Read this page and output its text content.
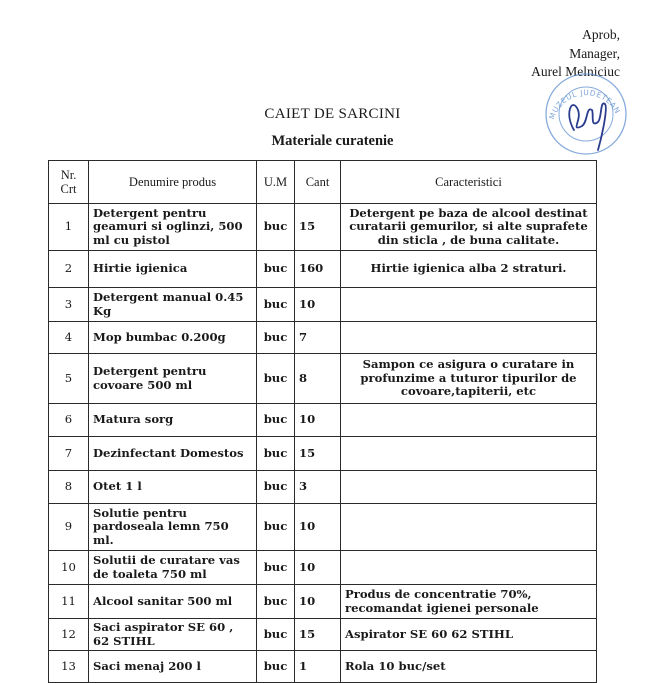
Aprob,
Manager,
Aurel Melniciuc
MUZEUL JUDETEAN
CAIET DE SARCINI
Materiale curatenie
Nr. Crt	Denumire produs	U.M	Cant	Caracteristici
1	Detergent pentru geamuri si oglinzi, 500 ml cu pistol	buc	15	Detergent pe baza de alcool destinat curatarii gemurilor, si alte suprafete din sticla , de buna calitate.
2	Hirtie igienica	buc	160	Hirtie igienica alba 2 straturi.
3	Detergent manual 0.45 Kg	buc	10	
4	Mop bumbac 0.200g	buc	7	
5	Detergent pentru covoare 500 ml	buc	8	Sampon ce asigura o curatare in profunzime a tuturor tipurilor de covoare,tapiterii, etc
6	Matura sorg	buc	10	
7	Dezinfectant Domestos	buc	15	
8	Otet 1 l	buc	3	
9	Solutie pentru pardoseala lemn 750 ml.	buc	10	
10	Solutii de curatare vas de toaleta 750 ml	buc	10	
11	Alcool sanitar 500 ml	buc	10	Produs de concentratie 70%, recomandat igienei personale
12	Saci aspirator SE 60 , 62 STIHL	buc	15	Aspirator SE 60 62 STIHL
13	Saci menaj 200 l	buc	1	Rola 10 buc/set
